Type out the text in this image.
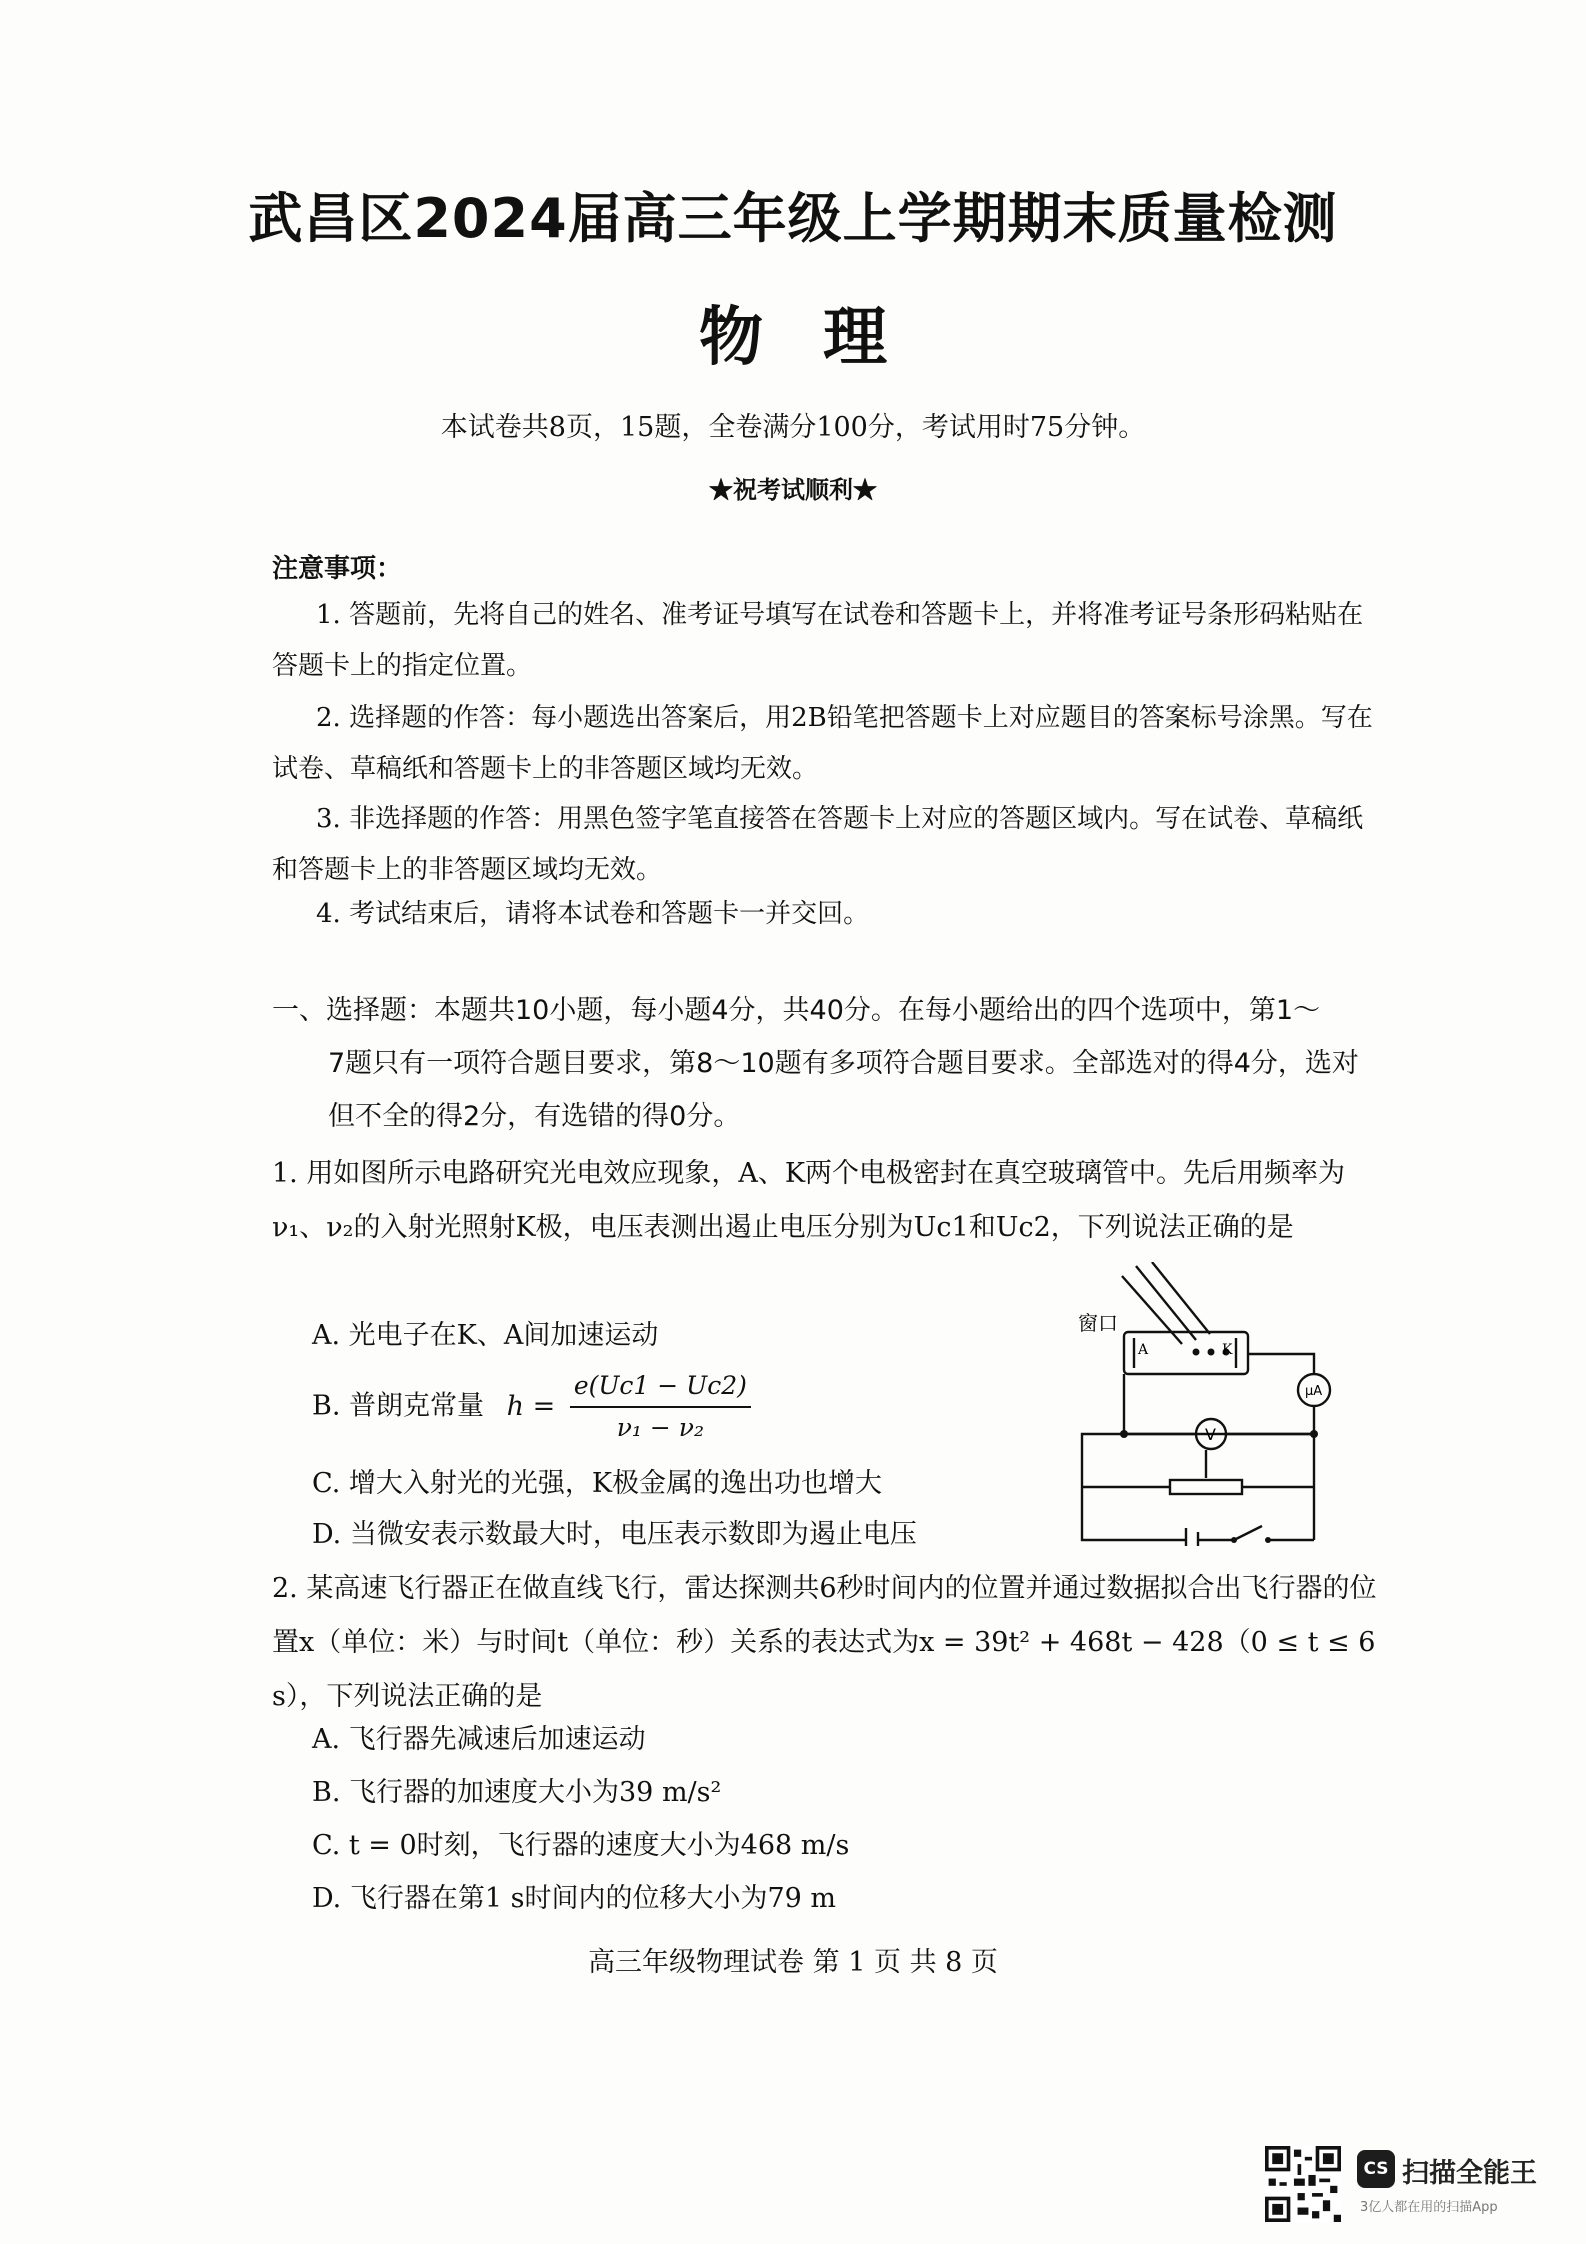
武昌区2024届高三年级上学期期末质量检测
物理
本试卷共8页，15题，全卷满分100分，考试用时75分钟。
★祝考试顺利★
注意事项：
1. 答题前，先将自己的姓名、准考证号填写在试卷和答题卡上，并将准考证号条形码粘贴在答题卡上的指定位置。
2. 选择题的作答：每小题选出答案后，用2B铅笔把答题卡上对应题目的答案标号涂黑。写在试卷、草稿纸和答题卡上的非答题区域均无效。
3. 非选择题的作答：用黑色签字笔直接答在答题卡上对应的答题区域内。写在试卷、草稿纸和答题卡上的非答题区域均无效。
4. 考试结束后，请将本试卷和答题卡一并交回。
一、选择题：本题共10小题，每小题4分，共40分。在每小题给出的四个选项中，第1～
7题只有一项符合题目要求，第8～10题有多项符合题目要求。全部选对的得4分，选对但不全的得2分，有选错的得0分。
1. 用如图所示电路研究光电效应现象，A、K两个电极密封在真空玻璃管中。先后用频率为ν₁、ν₂的入射光照射K极，电压表测出遏止电压分别为Uc1和Uc2，下列说法正确的是
A. 光电子在K、A间加速运动
B. 普朗克常量 $h = \frac{e(Uc1 - Uc2)}{\text{ν₁ − ν₂}}$
C. 增大入射光的光强，K极金属的逸出功也增大
D. 当微安表示数最大时，电压表示数即为遏止电压
窗口
A	K
μA
V
2. 某高速飞行器正在做直线飞行，雷达探测共6秒时间内的位置并通过数据拟合出飞行器的位置x（单位：米）与时间t（单位：秒）关系的表达式为x = 39t² + 468t − 428（0 ≤ t ≤ 6 s），下列说法正确的是
A. 飞行器先减速后加速运动
B. 飞行器的加速度大小为39 m/s²
C. t = 0时刻，飞行器的速度大小为468 m/s
D. 飞行器在第1 s时间内的位移大小为79 m
高三年级物理试卷 第 1 页 共 8 页
CS 扫描全能王
3亿人都在用的扫描App
